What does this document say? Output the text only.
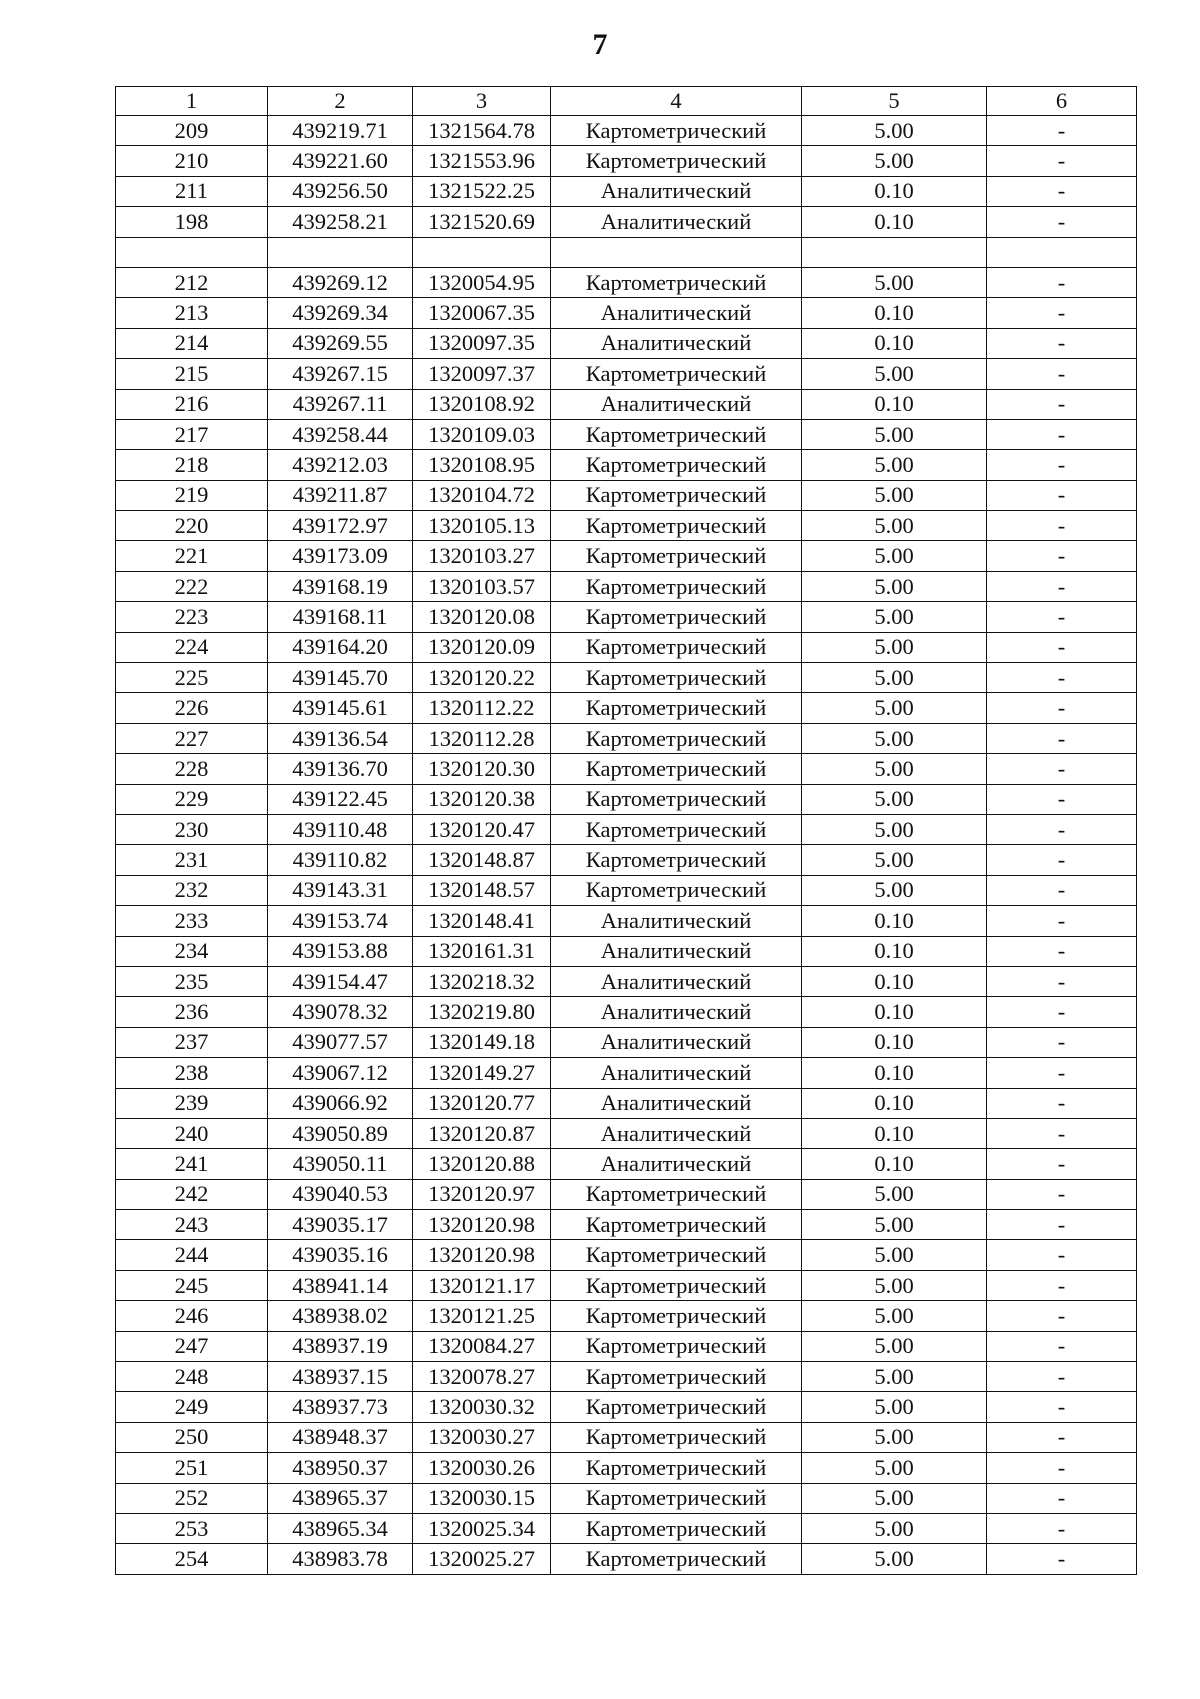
7
1	2	3	4	5	6
209	439219.71	1321564.78	Картометрический	5.00	-
210	439221.60	1321553.96	Картометрический	5.00	-
211	439256.50	1321522.25	Аналитический	0.10	-
198	439258.21	1321520.69	Аналитический	0.10	-

212	439269.12	1320054.95	Картометрический	5.00	-
213	439269.34	1320067.35	Аналитический	0.10	-
214	439269.55	1320097.35	Аналитический	0.10	-
215	439267.15	1320097.37	Картометрический	5.00	-
216	439267.11	1320108.92	Аналитический	0.10	-
217	439258.44	1320109.03	Картометрический	5.00	-
218	439212.03	1320108.95	Картометрический	5.00	-
219	439211.87	1320104.72	Картометрический	5.00	-
220	439172.97	1320105.13	Картометрический	5.00	-
221	439173.09	1320103.27	Картометрический	5.00	-
222	439168.19	1320103.57	Картометрический	5.00	-
223	439168.11	1320120.08	Картометрический	5.00	-
224	439164.20	1320120.09	Картометрический	5.00	-
225	439145.70	1320120.22	Картометрический	5.00	-
226	439145.61	1320112.22	Картометрический	5.00	-
227	439136.54	1320112.28	Картометрический	5.00	-
228	439136.70	1320120.30	Картометрический	5.00	-
229	439122.45	1320120.38	Картометрический	5.00	-
230	439110.48	1320120.47	Картометрический	5.00	-
231	439110.82	1320148.87	Картометрический	5.00	-
232	439143.31	1320148.57	Картометрический	5.00	-
233	439153.74	1320148.41	Аналитический	0.10	-
234	439153.88	1320161.31	Аналитический	0.10	-
235	439154.47	1320218.32	Аналитический	0.10	-
236	439078.32	1320219.80	Аналитический	0.10	-
237	439077.57	1320149.18	Аналитический	0.10	-
238	439067.12	1320149.27	Аналитический	0.10	-
239	439066.92	1320120.77	Аналитический	0.10	-
240	439050.89	1320120.87	Аналитический	0.10	-
241	439050.11	1320120.88	Аналитический	0.10	-
242	439040.53	1320120.97	Картометрический	5.00	-
243	439035.17	1320120.98	Картометрический	5.00	-
244	439035.16	1320120.98	Картометрический	5.00	-
245	438941.14	1320121.17	Картометрический	5.00	-
246	438938.02	1320121.25	Картометрический	5.00	-
247	438937.19	1320084.27	Картометрический	5.00	-
248	438937.15	1320078.27	Картометрический	5.00	-
249	438937.73	1320030.32	Картометрический	5.00	-
250	438948.37	1320030.27	Картометрический	5.00	-
251	438950.37	1320030.26	Картометрический	5.00	-
252	438965.37	1320030.15	Картометрический	5.00	-
253	438965.34	1320025.34	Картометрический	5.00	-
254	438983.78	1320025.27	Картометрический	5.00	-
